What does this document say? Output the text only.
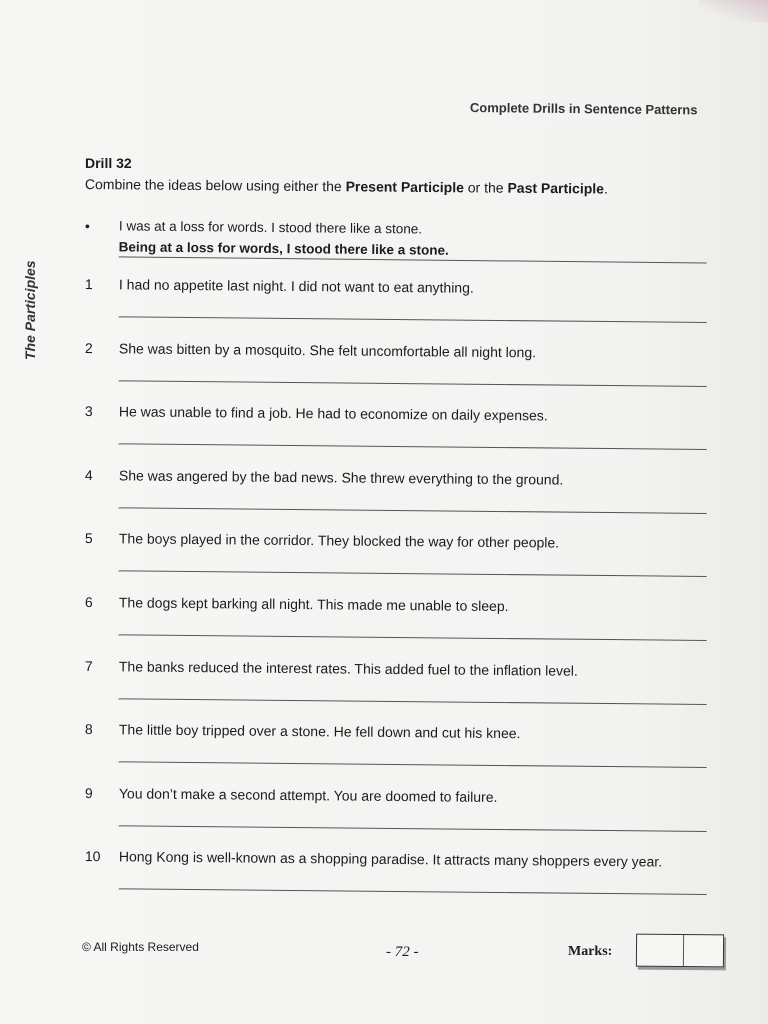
Complete Drills in Sentence Patterns
The Participles
Drill 32
Combine the ideas below using either the Present Participle or the Past Participle.
• I was at a loss for words. I stood there like a stone.
Being at a loss for words, I stood there like a stone.
1 I had no appetite last night. I did not want to eat anything.
2 She was bitten by a mosquito. She felt uncomfortable all night long.
3 He was unable to find a job. He had to economize on daily expenses.
4 She was angered by the bad news. She threw everything to the ground.
5 The boys played in the corridor. They blocked the way for other people.
6 The dogs kept barking all night. This made me unable to sleep.
7 The banks reduced the interest rates. This added fuel to the inflation level.
8 The little boy tripped over a stone. He fell down and cut his knee.
9 You don’t make a second attempt. You are doomed to failure.
10 Hong Kong is well-known as a shopping paradise. It attracts many shoppers every year.
© All Rights Reserved	- 72 -	Marks:
